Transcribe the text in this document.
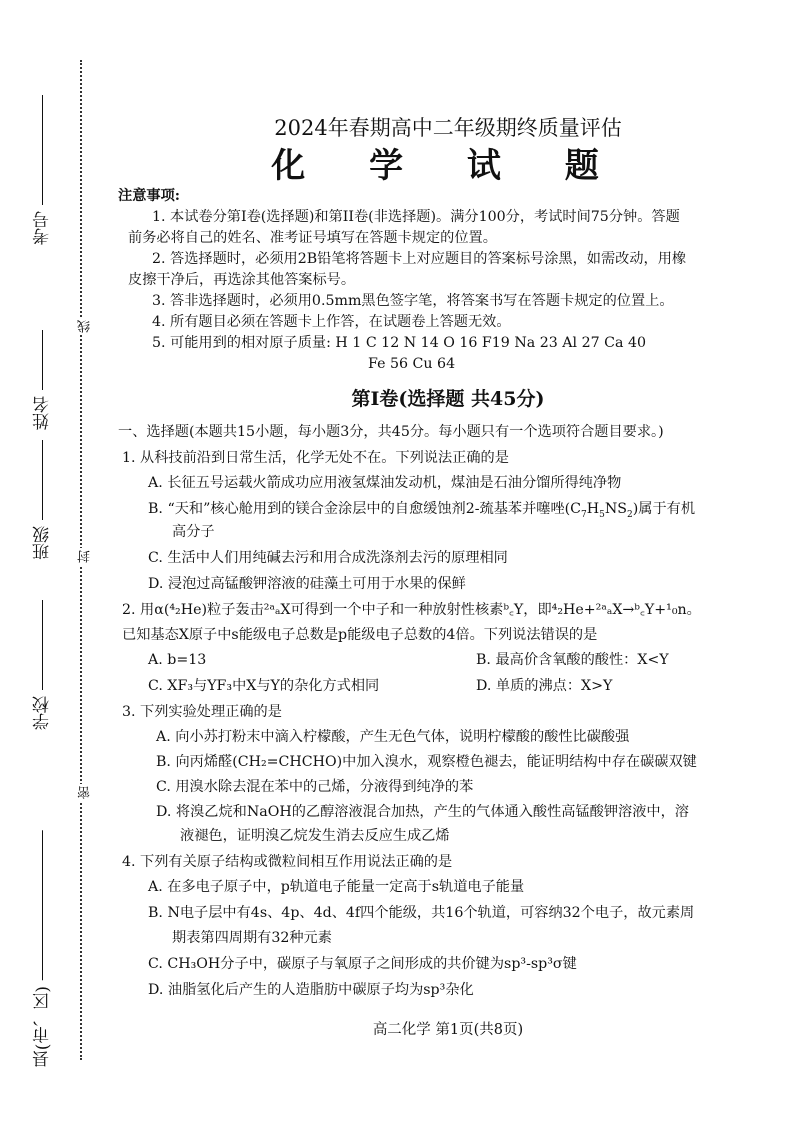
线
封
密
考号
姓名
班级
学校
县(市、区)
2024年春期高中二年级期终质量评估
化 学 试 题
注意事项:
1. 本试卷分第I卷(选择题)和第II卷(非选择题)。满分100分，考试时间75分钟。答题
前务必将自己的姓名、准考证号填写在答题卡规定的位置。
2. 答选择题时，必须用2B铅笔将答题卡上对应题目的答案标号涂黑，如需改动，用橡
皮擦干净后，再选涂其他答案标号。
3. 答非选择题时，必须用0.5mm黑色签字笔，将答案书写在答题卡规定的位置上。
4. 所有题目必须在答题卡上作答，在试题卷上答题无效。
5. 可能用到的相对原子质量: H 1 C 12 N 14 O 16 F19 Na 23 Al 27 Ca 40
Fe 56 Cu 64
第I卷(选择题 共45分)
一、选择题(本题共15小题，每小题3分，共45分。每小题只有一个选项符合题目要求。)
1. 从科技前沿到日常生活，化学无处不在。下列说法正确的是
A. 长征五号运载火箭成功应用液氢煤油发动机，煤油是石油分馏所得纯净物
B. “天和”核心舱用到的镁合金涂层中的自愈缓蚀剂2-巯基苯并噻唑$(C_7H_5NS_2)$属于有机
高分子
C. 生活中人们用纯碱去污和用合成洗涤剂去污的原理相同
D. 浸泡过高锰酸钾溶液的硅藻土可用于水果的保鲜
2. 用α(⁴₂He)粒子轰击²ᵃₐX可得到一个中子和一种放射性核素ᵇ꜀Y，即⁴₂He+²ᵃₐX→ᵇ꜀Y+¹₀n。
已知基态X原子中s能级电子总数是p能级电子总数的4倍。下列说法错误的是
A. b=13	B. 最高价含氧酸的酸性：X<Y
C. XF₃与YF₃中X与Y的杂化方式相同	D. 单质的沸点：X>Y
3. 下列实验处理正确的是
A. 向小苏打粉末中滴入柠檬酸，产生无色气体，说明柠檬酸的酸性比碳酸强
B. 向丙烯醛(CH₂=CHCHO)中加入溴水，观察橙色褪去，能证明结构中存在碳碳双键
C. 用溴水除去混在苯中的己烯，分液得到纯净的苯
D. 将溴乙烷和NaOH的乙醇溶液混合加热，产生的气体通入酸性高锰酸钾溶液中，溶
液褪色，证明溴乙烷发生消去反应生成乙烯
4. 下列有关原子结构或微粒间相互作用说法正确的是
A. 在多电子原子中，p轨道电子能量一定高于s轨道电子能量
B. N电子层中有4s、4p、4d、4f四个能级，共16个轨道，可容纳32个电子，故元素周
期表第四周期有32种元素
C. CH₃OH分子中，碳原子与氧原子之间形成的共价键为sp³-sp³σ键
D. 油脂氢化后产生的人造脂肪中碳原子均为sp³杂化
高二化学 第1页(共8页)
